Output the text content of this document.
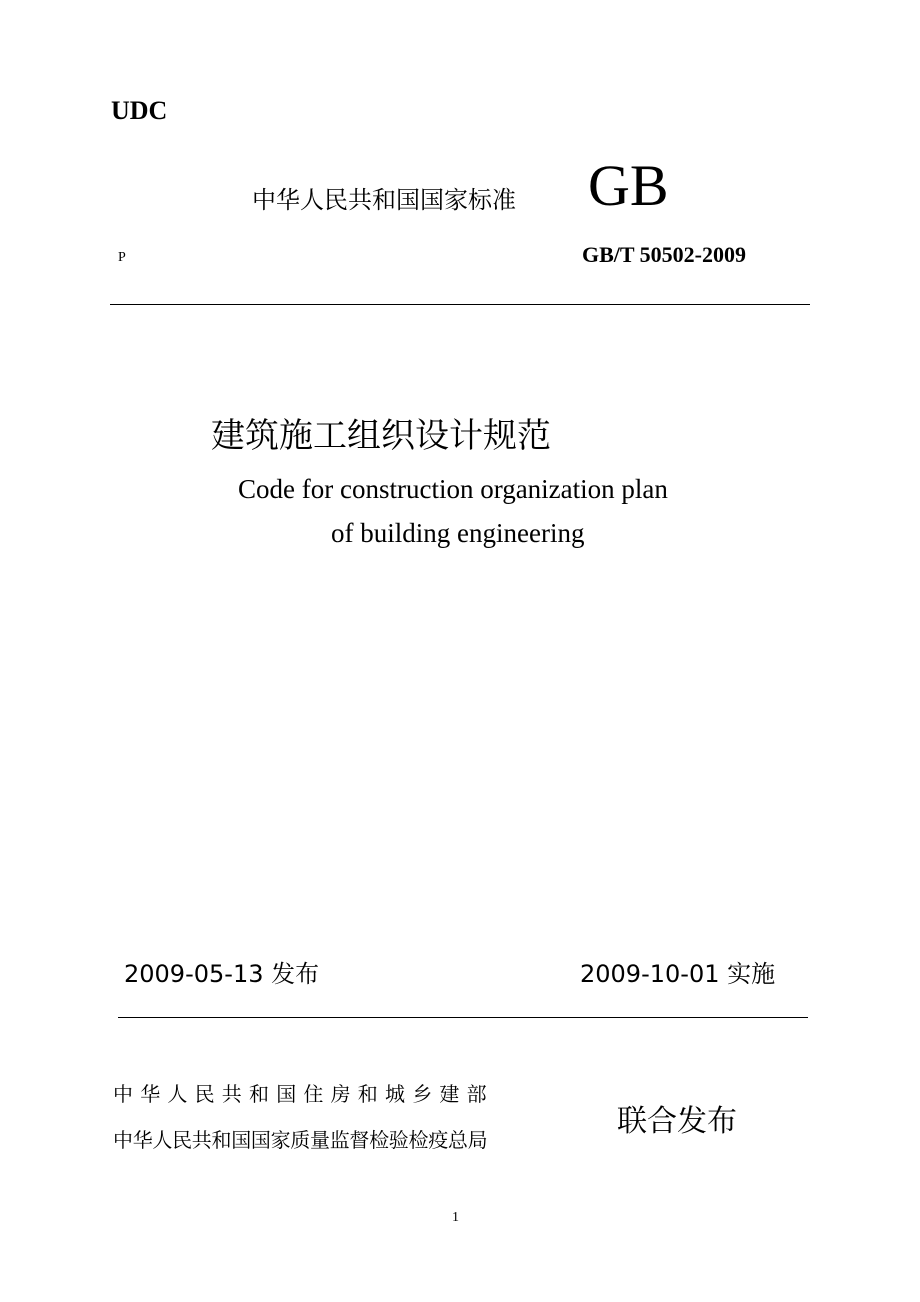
UDC
中华人民共和国国家标准 GB
P	GB/T 50502-2009
建筑施工组织设计规范
Code for construction organization plan
of building engineering
2009-05-13 发布	2009-10-01 实施
中华人民共和国住房和城乡建部
中华人民共和国国家质量监督检验检疫总局
联合发布
1
